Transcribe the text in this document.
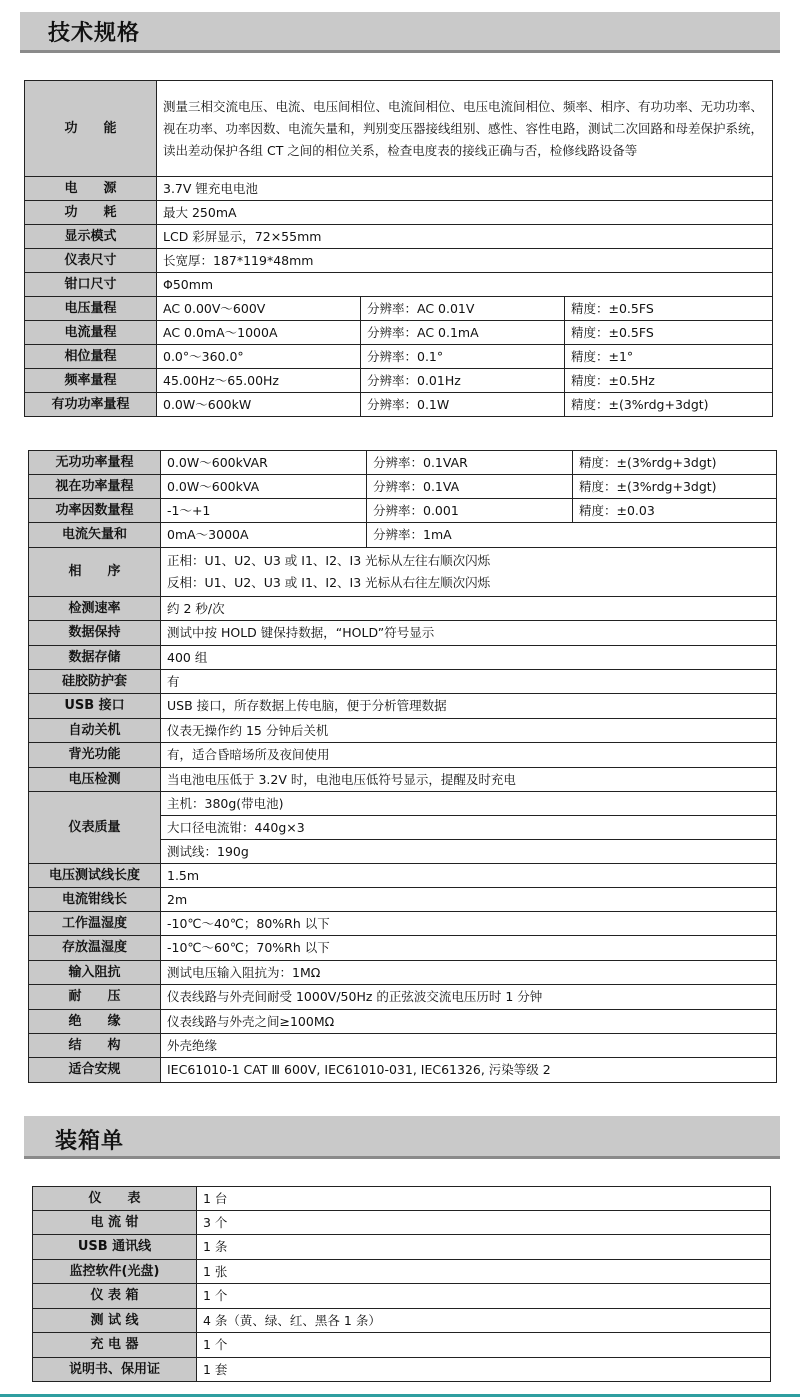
技术规格
功　　能	测量三相交流电压、电流、电压间相位、电流间相位、电压电流间相位、频率、相序、有功功率、无功功率、视在功率、功率因数、电流矢量和，判别变压器接线组别、感性、容性电路，测试二次回路和母差保护系统，读出差动保护各组 CT 之间的相位关系，检查电度表的接线正确与否，检修线路设备等		
电　　源	3.7V 锂充电电池		
功　　耗	最大 250mA		
显示模式	LCD 彩屏显示，72×55mm		
仪表尺寸	长宽厚：187*119*48mm		
钳口尺寸	Φ50mm		
电压量程	AC 0.00V～600V	分辨率：AC 0.01V	精度：±0.5FS
电流量程	AC 0.0mA～1000A	分辨率：AC 0.1mA	精度：±0.5FS
相位量程	0.0°～360.0°	分辨率：0.1°	精度：±1°
频率量程	45.00Hz～65.00Hz	分辨率：0.01Hz	精度：±0.5Hz
有功功率量程	0.0W～600kW	分辨率：0.1W	精度：±(3%rdg+3dgt)
无功功率量程	0.0W～600kVAR	分辨率：0.1VAR	精度：±(3%rdg+3dgt)
视在功率量程	0.0W～600kVA	分辨率：0.1VA	精度：±(3%rdg+3dgt)
功率因数量程	-1～+1	分辨率：0.001	精度：±0.03
电流矢量和	0mA～3000A	分辨率：1mA	
相　　序	正相：U1、U2、U3 或 I1、I2、I3 光标从左往右顺次闪烁
反相：U1、U2、U3 或 I1、I2、I3 光标从右往左顺次闪烁		

检测速率	约 2 秒/次		
数据保持	测试中按 HOLD 键保持数据，“HOLD”符号显示		
数据存储	400 组		
硅胶防护套	有		
USB 接口	USB 接口，所存数据上传电脑，便于分析管理数据		
自动关机	仪表无操作约 15 分钟后关机		
背光功能	有，适合昏暗场所及夜间使用		
电压检测	当电池电压低于 3.2V 时，电池电压低符号显示，提醒及时充电		
仪表质量	主机：380g(带电池)		
	大口径电流钳：440g×3		
	测试线：190g		
电压测试线长度	1.5m		
电流钳线长	2m		
工作温湿度	-10℃～40℃；80%Rh 以下		
存放温湿度	-10℃～60℃；70%Rh 以下		
输入阻抗	测试电压输入阻抗为：1MΩ		
耐　　压	仪表线路与外壳间耐受 1000V/50Hz 的正弦波交流电压历时 1 分钟		
绝　　缘	仪表线路与外壳之间≥100MΩ		
结　　构	外壳绝缘		
适合安规	IEC61010-1 CAT Ⅲ 600V, IEC61010-031, IEC61326, 污染等级 2		
装箱单
仪　　表	1 台
电 流 钳	3 个
USB 通讯线	1 条
监控软件(光盘)	1 张
仪 表 箱	1 个
测 试 线	4 条（黄、绿、红、黑各 1 条）
充 电 器	1 个
说明书、保用证	1 套
